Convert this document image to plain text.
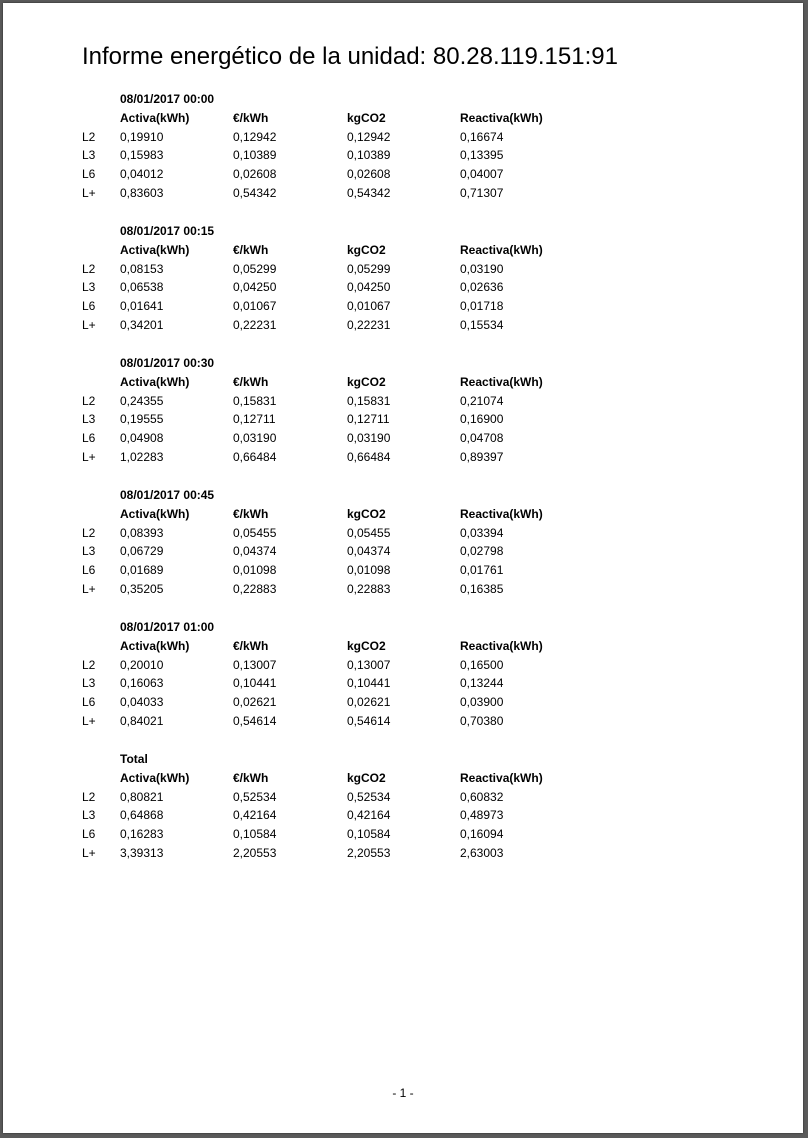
Informe energético de la unidad: 80.28.119.151:91
08/01/2017 00:00
Activa(kWh)	€/kWh	kgCO2	Reactiva(kWh)
L2 0,19910	0,12942	0,12942	0,16674
L3 0,15983	0,10389	0,10389	0,13395
L6 0,04012	0,02608	0,02608	0,04007
L+ 0,83603	0,54342	0,54342	0,71307
08/01/2017 00:15
Activa(kWh)	€/kWh	kgCO2	Reactiva(kWh)
L2 0,08153	0,05299	0,05299	0,03190
L3 0,06538	0,04250	0,04250	0,02636
L6 0,01641	0,01067	0,01067	0,01718
L+ 0,34201	0,22231	0,22231	0,15534
08/01/2017 00:30
Activa(kWh)	€/kWh	kgCO2	Reactiva(kWh)
L2 0,24355	0,15831	0,15831	0,21074
L3 0,19555	0,12711	0,12711	0,16900
L6 0,04908	0,03190	0,03190	0,04708
L+ 1,02283	0,66484	0,66484	0,89397
08/01/2017 00:45
Activa(kWh)	€/kWh	kgCO2	Reactiva(kWh)
L2 0,08393	0,05455	0,05455	0,03394
L3 0,06729	0,04374	0,04374	0,02798
L6 0,01689	0,01098	0,01098	0,01761
L+ 0,35205	0,22883	0,22883	0,16385
08/01/2017 01:00
Activa(kWh)	€/kWh	kgCO2	Reactiva(kWh)
L2 0,20010	0,13007	0,13007	0,16500
L3 0,16063	0,10441	0,10441	0,13244
L6 0,04033	0,02621	0,02621	0,03900
L+ 0,84021	0,54614	0,54614	0,70380
Total
Activa(kWh)	€/kWh	kgCO2	Reactiva(kWh)
L2 0,80821	0,52534	0,52534	0,60832
L3 0,64868	0,42164	0,42164	0,48973
L6 0,16283	0,10584	0,10584	0,16094
L+ 3,39313	2,20553	2,20553	2,63003
- 1 -
